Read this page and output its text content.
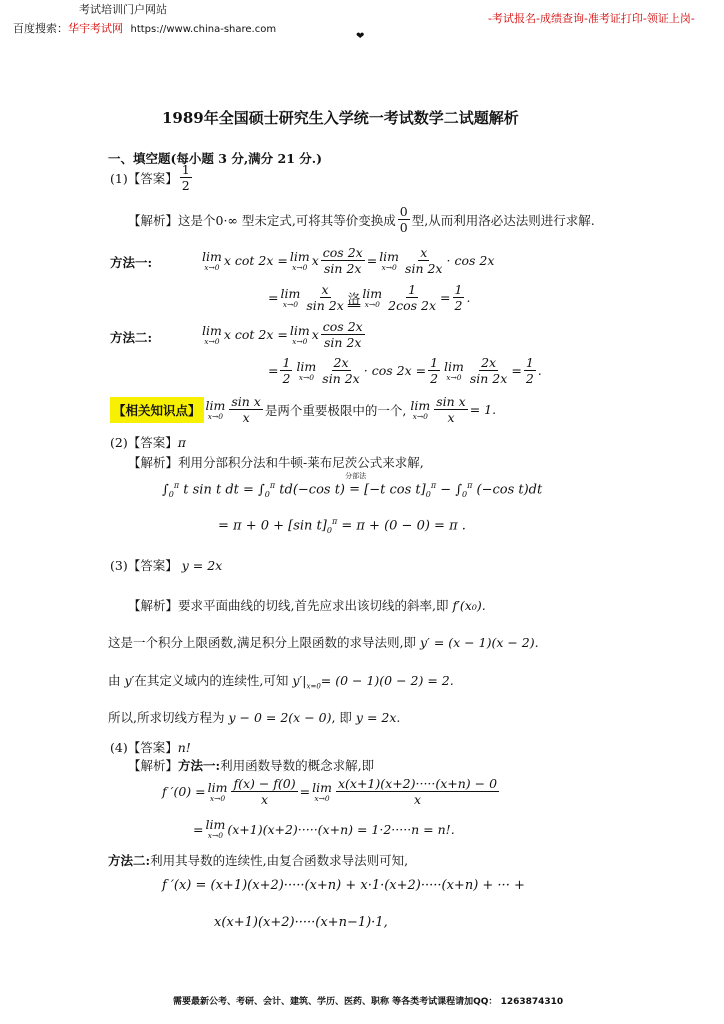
考试培训门户网站
百度搜索：华宇考试网 https://www.china-share.com
-考试报名-成绩查询-准考证打印-领证上岗-
❤
1989年全国硕士研究生入学统一考试数学二试题解析
一、填空题(每小题 3 分,满分 21 分.)
(1)【答案】 $\frac{1}{2}$
【解析】这是个0·∞ 型未定式,可将其等价变换成 $\frac{0}{0}$ 型,从而利用洛必达法则进行求解.
方法一:	lim
x→0 x cot 2x = lim
x→0 x $\frac{\cos 2x}{\sin 2x} = \lim$
$x\to 0 \frac{x}{\sin 2x} \cdot \cos 2x$
= lim
$x\to 0 \frac{x}{\sin 2x}$ 洛 lim
$x\to 0 \frac{1}{2\cos 2x} = \frac{1}{2}$ .
方法二:	lim
x→0 x cot 2x = lim
x→0 x $\frac{\cos 2x}{\sin 2x}$
= $\frac{1}{2}$ lim
$x\to 0 \frac{2x}{\sin 2x} \cdot \cos 2x = \frac{1}{2}$ lim
$x\to 0 \frac{2x}{\sin 2x} = \frac{1}{2}$ .
【相关知识点】 lim
$x\to 0 \frac{\text{sin x}}{x}$ 是两个重要极限中的一个, lim
$x\to 0 \frac{\text{sin x}}{x} = 1$.
(2)【答案】π
【解析】利用分部积分法和牛顿-莱布尼茨公式来求解,
$\int_0^\pi$ t sin t dt = $\int_0^\pi$ td(−cos t)
分部法
= [−t $\cos t]_0^\pi - \int_0^\pi$ (−cos t)dt
= π + 0 + [sin $t]_0^\pi = \pi + (0 - 0) = \pi$ .
(3)【答案】 y = 2x
【解析】要求平面曲线的切线,首先应求出该切线的斜率,即 f′(x₀).
这是一个积分上限函数,满足积分上限函数的求导法则,即 y′ = (x − 1)(x − 2).
由 y′在其定义域内的连续性,可知 $y'|_{x=0}= (0 - 1)(0 - 2) = 2$.
所以,所求切线方程为 y − 0 = 2(x − 0), 即 y = 2x.
(4)【答案】n!
【解析】方法一:利用函数导数的概念求解,即
f ′(0) = lim
$x\to 0 \frac{f(x) - f(0)}{x} = \lim$
$x\to 0 \frac{x(x+1)(x+2)\cdot\cdot\cdot\cdot\cdot(x+n) - 0}{x}$
= lim
x→0 (x+1)(x+2)·····(x+n) = 1·2·····n = n!.
方法二:利用其导数的连续性,由复合函数求导法则可知,
f ′(x) = (x+1)(x+2)·····(x+n) + x·1·(x+2)·····(x+n) + ··· +
x(x+1)(x+2)·····(x+n−1)·1,
需要最新公考、考研、会计、建筑、学历、医药、职称 等各类考试课程请加QQ： 1263874310
